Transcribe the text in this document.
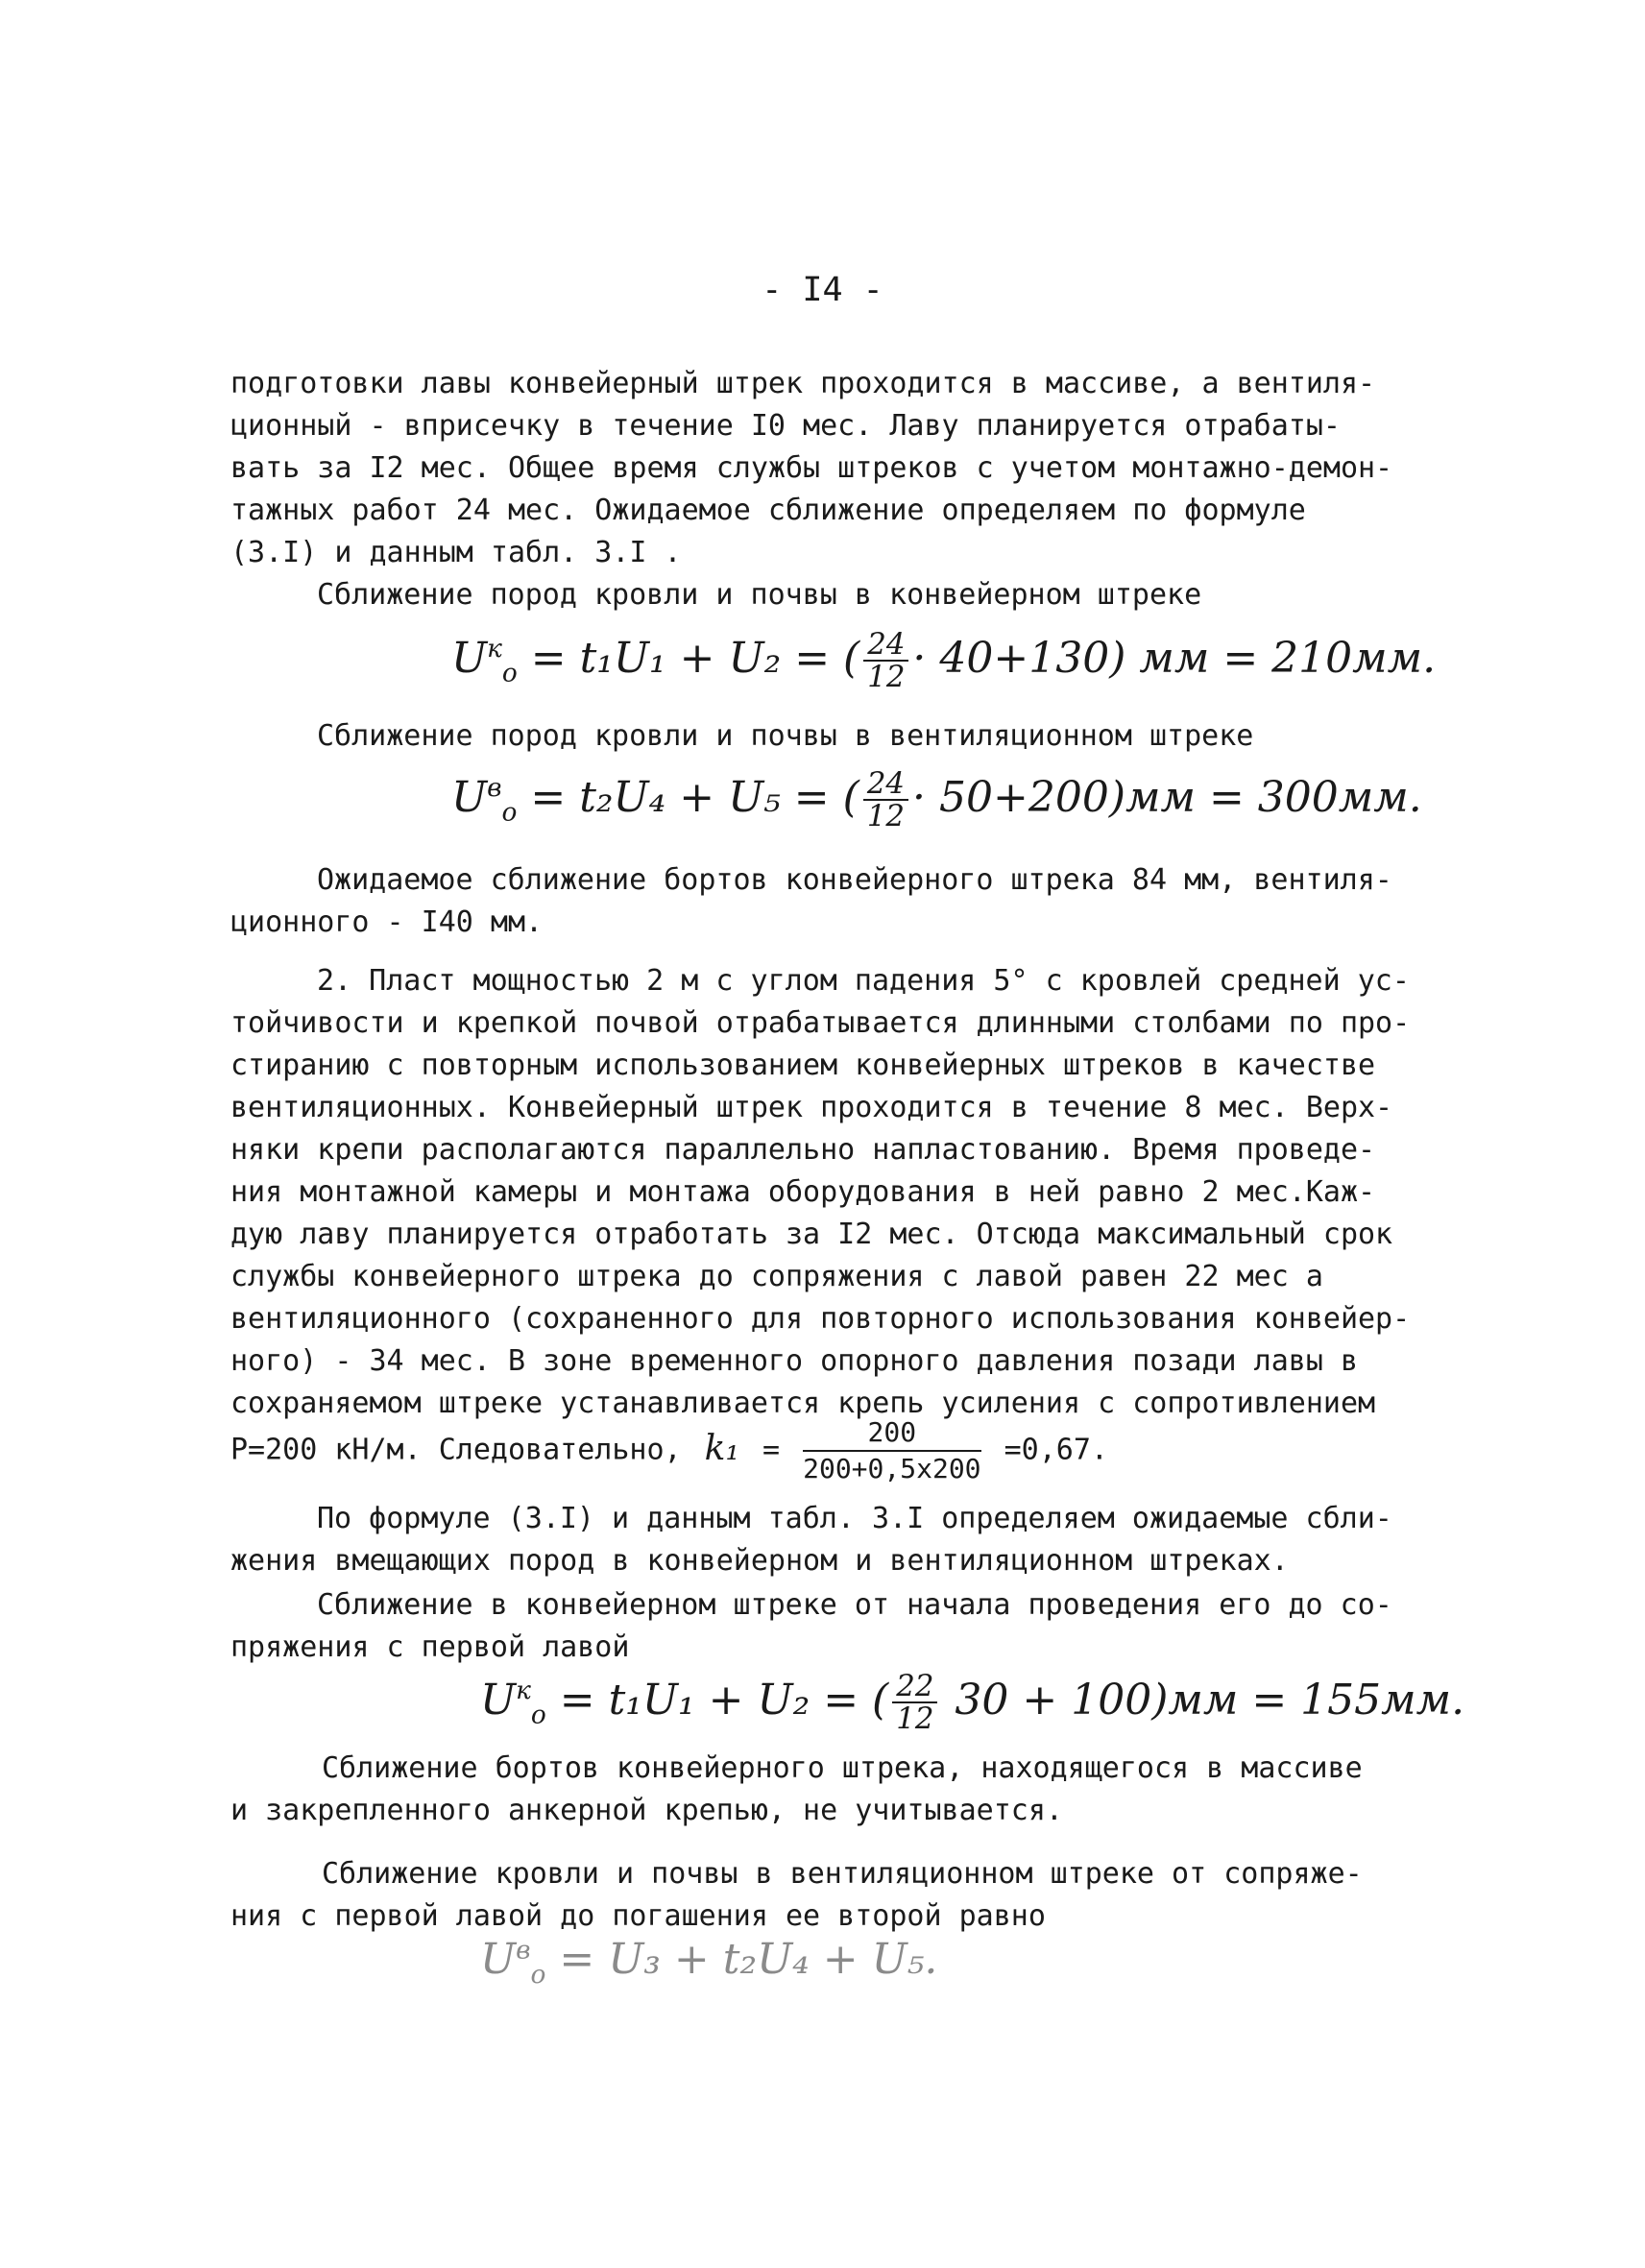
- I4 -
подготовки лавы конвейерный штрек проходится в массиве, а вентиля-
ционный - вприсечку в течение I0 мес. Лаву планируется отрабаты-
вать за I2 мес. Общее время службы штреков с учетом монтажно-демон-
тажных работ 24 мес. Ожидаемое сближение определяем по формуле
(3.I) и данным табл. 3.I .
Сближение пород кровли и почвы в конвейерном штреке
$U^к_o = t_1U_1 + U_2$ = ( $\frac{24}{12} \cdot 40+130$) мм = 210мм.
Сближение пород кровли и почвы в вентиляционном штреке
$U^в_o = t_2U_4 + U_5$ = ( $\frac{24}{12} \cdot 50+200)мм = 300мм$.
Ожидаемое сближение бортов конвейерного штрека 84 мм, вентиля-
ционного - I40 мм.
2. Пласт мощностью 2 м с углом падения 5° с кровлей средней ус-
тойчивости и крепкой почвой отрабатывается длинными столбами по про-
стиранию с повторным использованием конвейерных штреков в качестве
вентиляционных. Конвейерный штрек проходится в течение 8 мес. Верх-
няки крепи располагаются параллельно напластованию. Время проведе-
ния монтажной камеры и монтажа оборудования в ней равно 2 мес.Каж-
дую лаву планируется отработать за I2 мес. Отсюда максимальный срок
службы конвейерного штрека до сопряжения с лавой равен 22 мес а
вентиляционного (сохраненного для повторного использования конвейер-
ного) - 34 мес. В зоне временного опорного давления позади лавы в
сохраняемом штреке устанавливается крепь усиления с сопротивлением
P=200 кН/м. Следовательно, $k_1 = \frac{200}{200+0,5x200} =0,67$.
По формуле (3.I) и данным табл. 3.I определяем ожидаемые сбли-
жения вмещающих пород в конвейерном и вентиляционном штреках.
Сближение в конвейерном штреке от начала проведения его до со-
пряжения с первой лавой
$U^к_o = t_1U_1 + U_2$ = ( $\frac{22}{12} 30 + 100)мм = 155мм$.
Сближение бортов конвейерного штрека, находящегося в массиве
и закрепленного анкерной крепью, не учитывается.
Сближение кровли и почвы в вентиляционном штреке от сопряже-
ния с первой лавой до погашения ее второй равно
$U^в_o = U_3 + t_2U_4 + U_5$.
